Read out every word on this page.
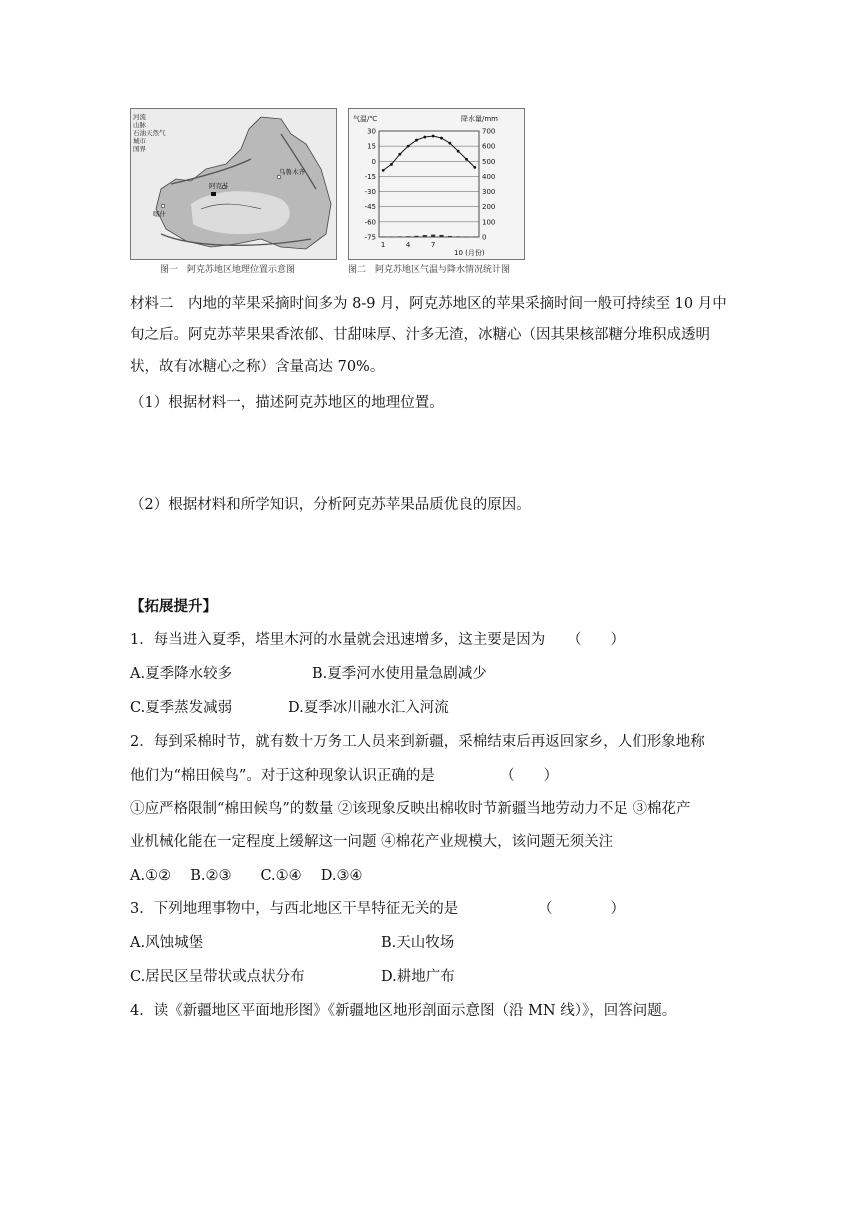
河流
山脉
石油天然气
城市
国界
乌鲁木齐
阿克苏
喀什
气温/℃	降水量/mm
30	700
15	600
0	500
-15	400
-30	300
-45	200
-60	100
-75	0
1	4	7
10 (月份)
图一　阿克苏地区地理位置示意图	图二　阿克苏地区气温与降水情况统计图
材料二　内地的苹果采摘时间多为 8-9 月，阿克苏地区的苹果采摘时间一般可持续至 10 月中
旬之后。阿克苏苹果果香浓郁、甘甜味厚、汁多无渣，冰糖心（因其果核部糖分堆积成透明
状，故有冰糖心之称）含量高达 70%。
（1）根据材料一，描述阿克苏地区的地理位置。
（2）根据材料和所学知识，分析阿克苏苹果品质优良的原因。
【拓展提升】
1．每当进入夏季，塔里木河的水量就会迅速增多，这主要是因为　　（　　）
A.夏季降水较多	B.夏季河水使用量急剧减少
C.夏季蒸发减弱	D.夏季冰川融水汇入河流
2．每到采棉时节，就有数十万务工人员来到新疆，采棉结束后再返回家乡，人们形象地称
他们为“棉田候鸟”。对于这种现象认识正确的是　　　　　（　　）
①应严格限制“棉田候鸟”的数量 ②该现象反映出棉收时节新疆当地劳动力不足 ③棉花产
业机械化能在一定程度上缓解这一问题 ④棉花产业规模大，该问题无须关注
A.①②　 B.②③　　C.①④　 D.③④
3．下列地理事物中，与西北地区干旱特征无关的是　　　　　　（　　　　）
A.风蚀城堡	B.天山牧场
C.居民区呈带状或点状分布	D.耕地广布
4．读《新疆地区平面地形图》《新疆地区地形剖面示意图（沿 MN 线）》，回答问题。
